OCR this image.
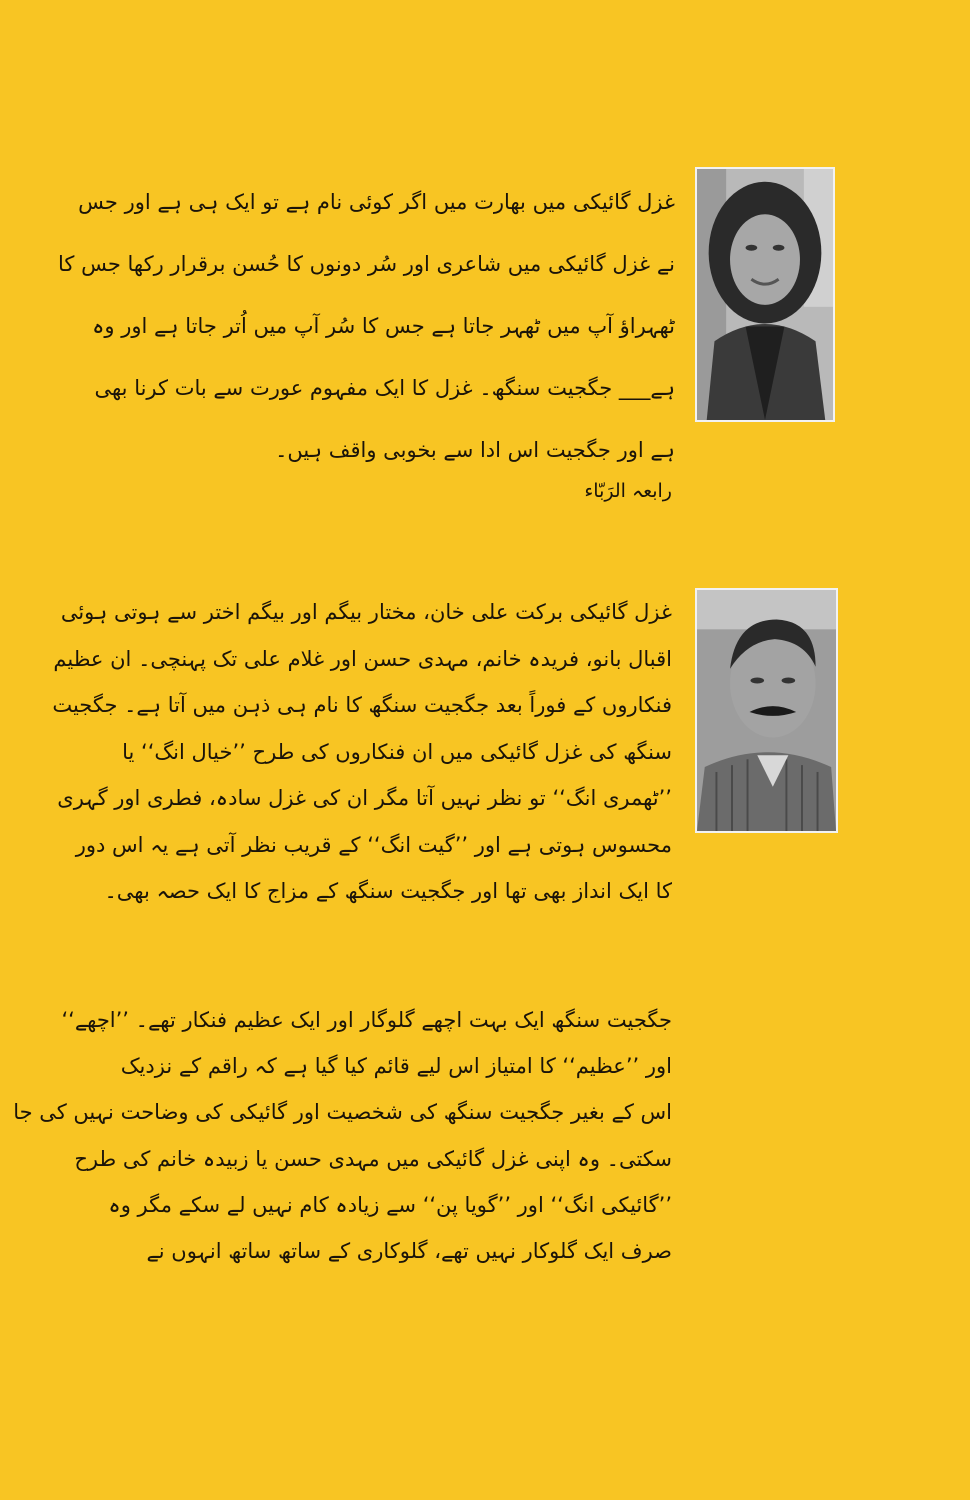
غزل گائیکی میں بھارت میں اگر کوئی نام ہے تو ایک ہی ہے اور جس
نے غزل گائیکی میں شاعری اور سُر دونوں کا حُسن برقرار رکھا جس کا
ٹھہراؤ آپ میں ٹھہر جاتا ہے جس کا سُر آپ میں اُتر جاتا ہے اور وہ
ہے___ جگجیت سنگھ۔ غزل کا ایک مفہوم عورت سے بات کرنا بھی
ہے اور جگجیت اس ادا سے بخوبی واقف ہیں۔
رابعہ الرَبّاء
غزل گائیکی برکت علی خان، مختار بیگم اور بیگم اختر سے ہوتی ہوئی
اقبال بانو، فریدہ خانم، مہدی حسن اور غلام علی تک پہنچی۔ ان عظیم
فنکاروں کے فوراً بعد جگجیت سنگھ کا نام ہی ذہن میں آتا ہے۔ جگجیت
سنگھ کی غزل گائیکی میں ان فنکاروں کی طرح ’’خیال انگ‘‘ یا
’’ٹھمری انگ‘‘ تو نظر نہیں آتا مگر ان کی غزل سادہ، فطری اور گہری
محسوس ہوتی ہے اور ’’گیت انگ‘‘ کے قریب نظر آتی ہے یہ اس دور
کا ایک انداز بھی تھا اور جگجیت سنگھ کے مزاج کا ایک حصہ بھی۔
جگجیت سنگھ ایک بہت اچھے گلوگار اور ایک عظیم فنکار تھے۔ ’’اچھے‘‘
اور ’’عظیم‘‘ کا امتیاز اس لیے قائم کیا گیا ہے کہ راقم کے نزدیک
اس کے بغیر جگجیت سنگھ کی شخصیت اور گائیکی کی وضاحت نہیں کی جا
سکتی۔ وہ اپنی غزل گائیکی میں مہدی حسن یا زبیدہ خانم کی طرح
’’گائیکی انگ‘‘ اور ’’گویا پن‘‘ سے زیادہ کام نہیں لے سکے مگر وہ
صرف ایک گلوکار نہیں تھے، گلوکاری کے ساتھ ساتھ انہوں نے
